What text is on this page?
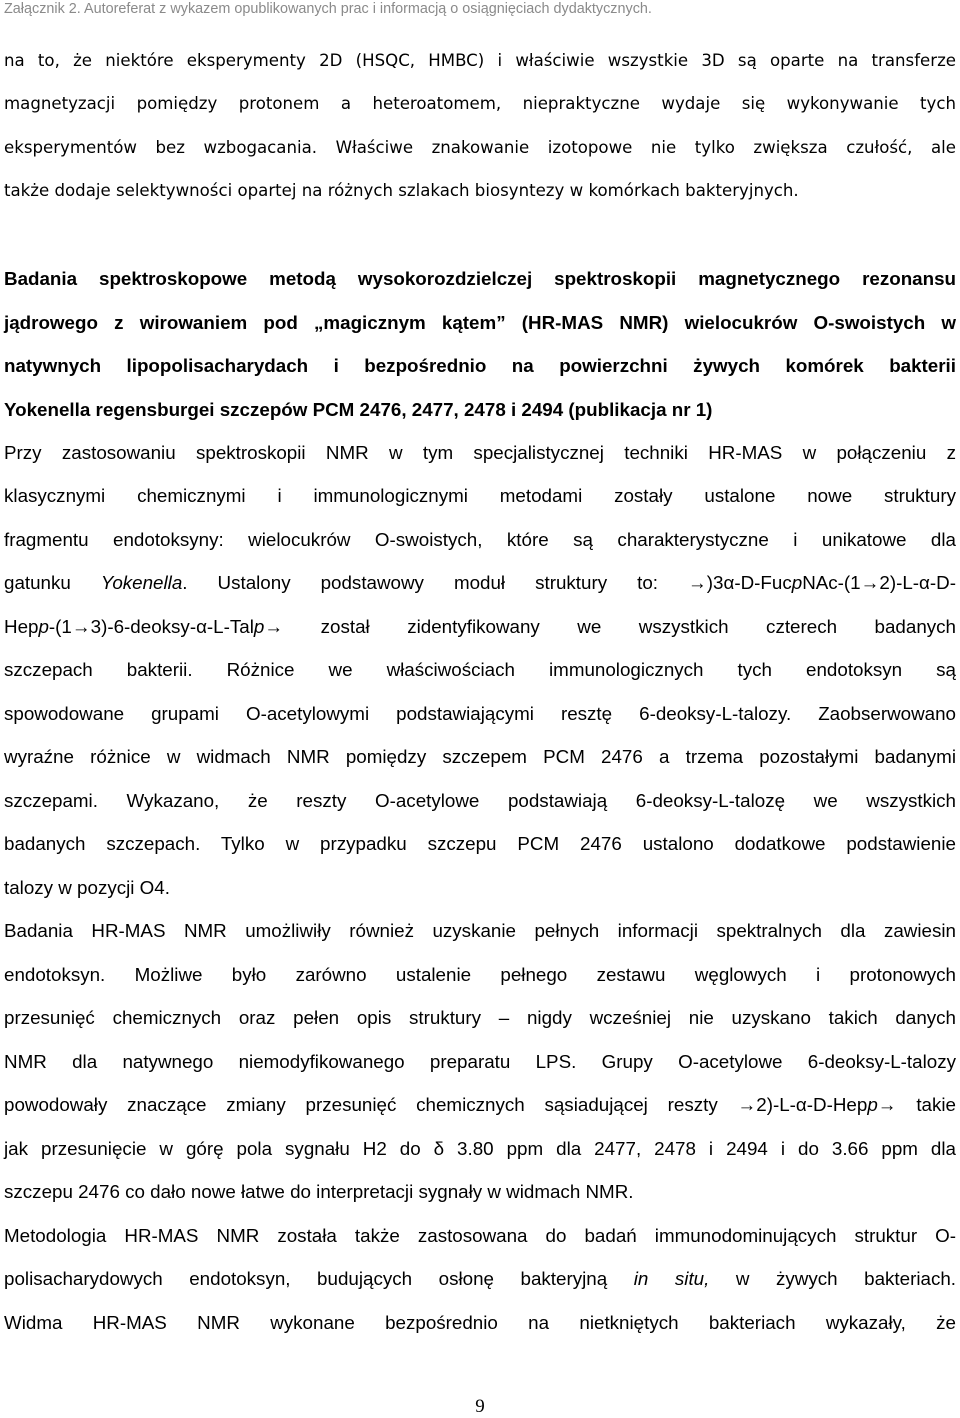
Załącznik 2. Autoreferat z wykazem opublikowanych prac i informacją o osiągnięciach dydaktycznych.
na to, że niektóre eksperymenty 2D (HSQC, HMBC) i właściwie wszystkie 3D są oparte na transferze
magnetyzacji pomiędzy protonem a heteroatomem, niepraktyczne wydaje się wykonywanie tych
eksperymentów bez wzbogacania. Właściwe znakowanie izotopowe nie tylko zwiększa czułość, ale
także dodaje selektywności opartej na różnych szlakach biosyntezy w komórkach bakteryjnych.
Badania spektroskopowe metodą wysokorozdzielczej spektroskopii magnetycznego rezonansu
jądrowego z wirowaniem pod „magicznym kątem” (HR-MAS NMR) wielocukrów O-swoistych w
natywnych lipopolisacharydach i bezpośrednio na powierzchni żywych komórek bakterii
Yokenella regensburgei szczepów PCM 2476, 2477, 2478 i 2494 (publikacja nr 1)
Przy zastosowaniu spektroskopii NMR w tym specjalistycznej techniki HR-MAS w połączeniu z
klasycznymi chemicznymi i immunologicznymi metodami zostały ustalone nowe struktury
fragmentu endotoksyny: wielocukrów O-swoistych, które są charakterystyczne i unikatowe dla
gatunku Yokenella. Ustalony podstawowy moduł struktury to: →)3α-D-FucpNAc-(1→2)-L-α-D-
Hepp-(1→3)-6-deoksy-α-L-Talp→ został zidentyfikowany we wszystkich czterech badanych
szczepach bakterii. Różnice we właściwościach immunologicznych tych endotoksyn są
spowodowane grupami O-acetylowymi podstawiającymi resztę 6-deoksy-L-talozy. Zaobserwowano
wyraźne różnice w widmach NMR pomiędzy szczepem PCM 2476 a trzema pozostałymi badanymi
szczepami. Wykazano, że reszty O-acetylowe podstawiają 6-deoksy-L-talozę we wszystkich
badanych szczepach. Tylko w przypadku szczepu PCM 2476 ustalono dodatkowe podstawienie
talozy w pozycji O4.
Badania HR-MAS NMR umożliwiły również uzyskanie pełnych informacji spektralnych dla zawiesin
endotoksyn. Możliwe było zarówno ustalenie pełnego zestawu węglowych i protonowych
przesunięć chemicznych oraz pełen opis struktury – nigdy wcześniej nie uzyskano takich danych
NMR dla natywnego niemodyfikowanego preparatu LPS. Grupy O-acetylowe 6-deoksy-L-talozy
powodowały znaczące zmiany przesunięć chemicznych sąsiadującej reszty →2)-L-α-D-Hepp→ takie
jak przesunięcie w górę pola sygnału H2 do δ 3.80 ppm dla 2477, 2478 i 2494 i do 3.66 ppm dla
szczepu 2476 co dało nowe łatwe do interpretacji sygnały w widmach NMR.
Metodologia HR-MAS NMR została także zastosowana do badań immunodominujących struktur O-
polisacharydowych endotoksyn, budujących osłonę bakteryjną in situ, w żywych bakteriach.
Widma HR-MAS NMR wykonane bezpośrednio na nietkniętych bakteriach wykazały, że
9
